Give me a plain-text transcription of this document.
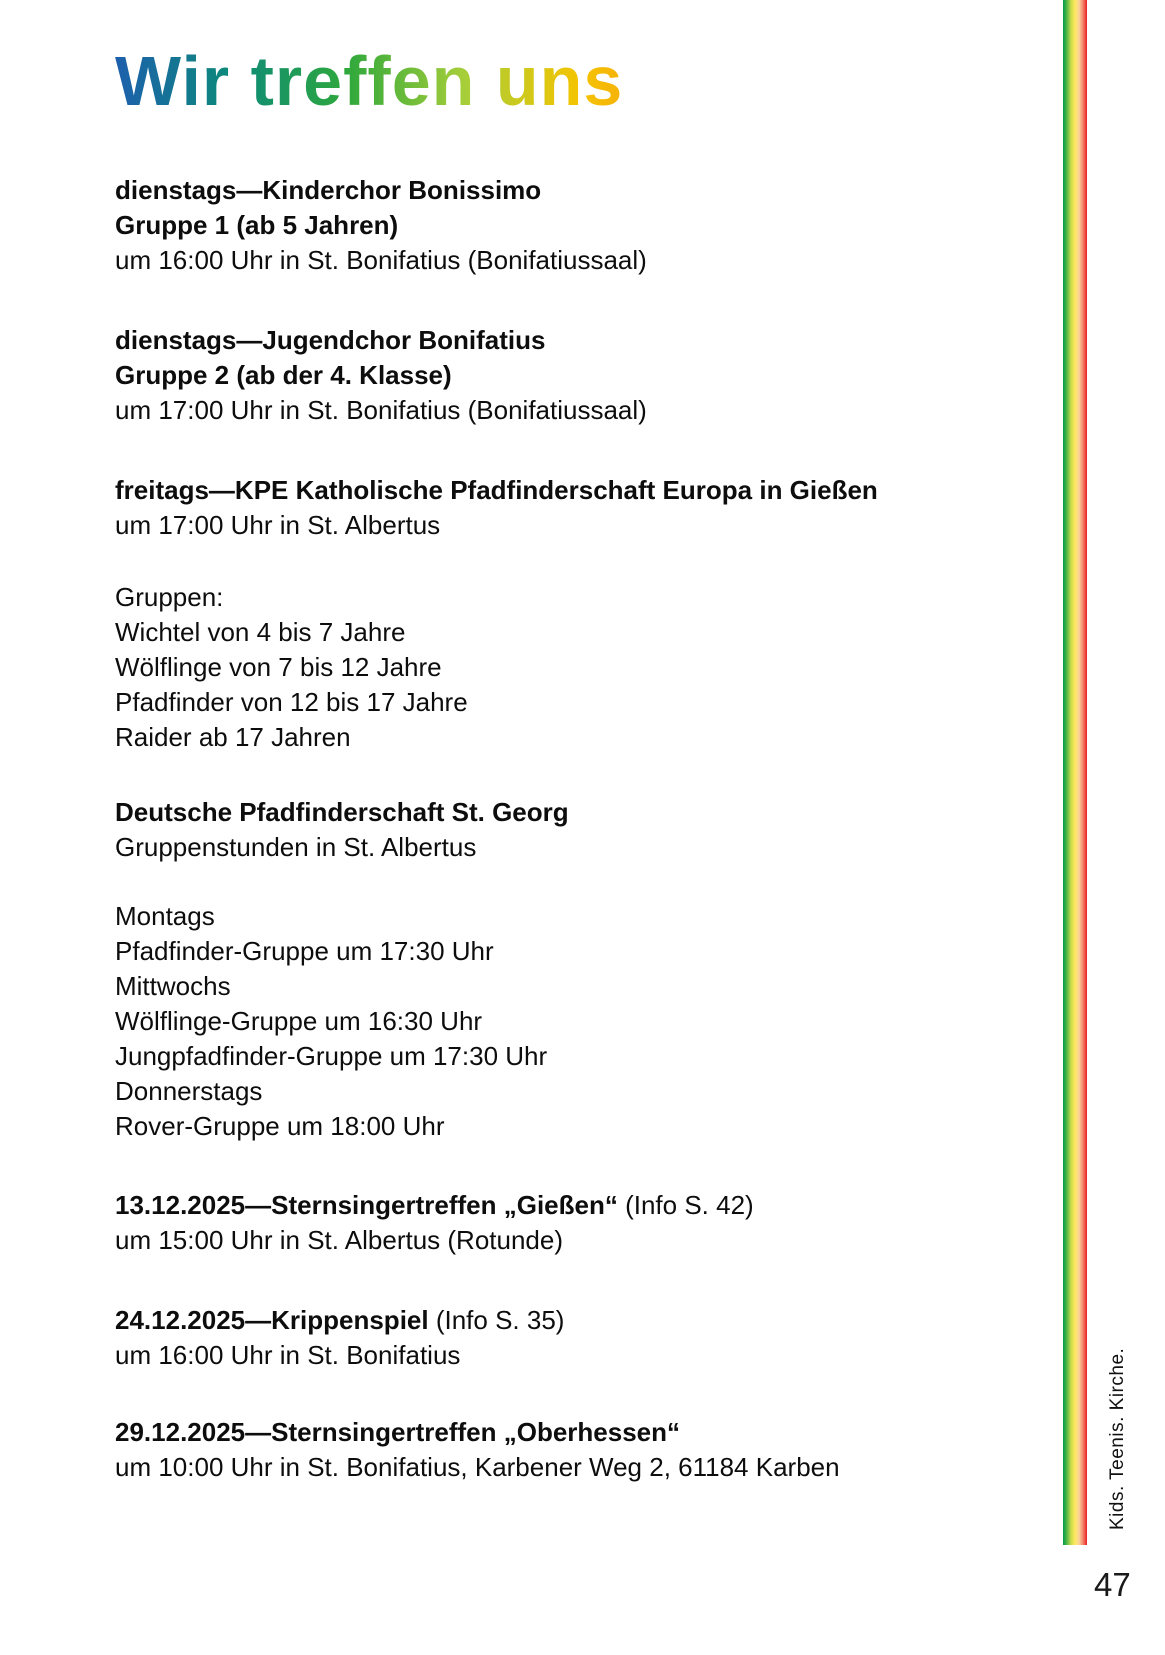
Wir treffen uns
dienstags—Kinderchor Bonissimo
Gruppe 1 (ab 5 Jahren)
um 16:00 Uhr in St. Bonifatius (Bonifatiussaal)
dienstags—Jugendchor Bonifatius
Gruppe 2 (ab der 4. Klasse)
um 17:00 Uhr in St. Bonifatius (Bonifatiussaal)
freitags—KPE Katholische Pfadfinderschaft Europa in Gießen
um 17:00 Uhr in St. Albertus
Gruppen:
Wichtel von 4 bis 7 Jahre
Wölflinge von 7 bis 12 Jahre
Pfadfinder von 12 bis 17 Jahre
Raider ab 17 Jahren
Deutsche Pfadfinderschaft St. Georg
Gruppenstunden in St. Albertus
Montags
Pfadfinder-Gruppe um 17:30 Uhr
Mittwochs
Wölflinge-Gruppe um 16:30 Uhr
Jungpfadfinder-Gruppe um 17:30 Uhr
Donnerstags
Rover-Gruppe um 18:00 Uhr
13.12.2025—Sternsingertreffen „Gießen“ (Info S. 42)
um 15:00 Uhr in St. Albertus (Rotunde)
24.12.2025—Krippenspiel (Info S. 35)
um 16:00 Uhr in St. Bonifatius
29.12.2025—Sternsingertreffen „Oberhessen“
um 10:00 Uhr in St. Bonifatius, Karbener Weg 2, 61184 Karben	Kids. Teenis. Kirche.
47
